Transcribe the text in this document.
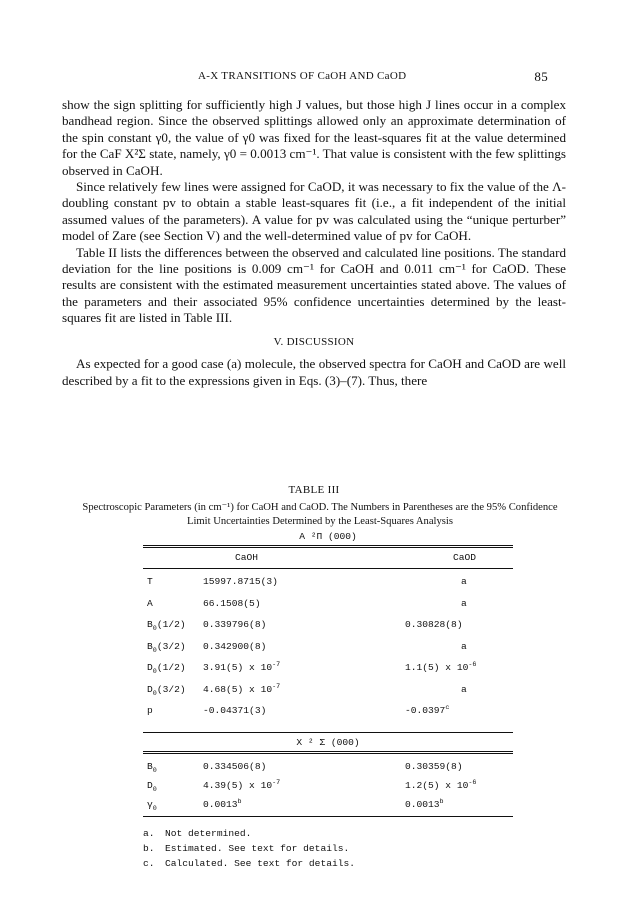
A-X TRANSITIONS OF CaOH AND CaOD	85

show the sign splitting for sufficiently high J values, but those high J lines occur in a complex bandhead region. Since the observed splittings allowed only an approximate determination of the spin constant γ0, the value of γ0 was fixed for the least-squares fit at the value determined for the CaF X²Σ state, namely, γ0 = 0.0013 cm⁻¹. That value is consistent with the few splittings observed in CaOH.

Since relatively few lines were assigned for CaOD, it was necessary to fix the value of the Λ-doubling constant pv to obtain a stable least-squares fit (i.e., a fit independent of the initial assumed values of the parameters). A value for pv was calculated using the “unique perturber” model of Zare (see Section V) and the well-determined value of pv for CaOH.

Table II lists the differences between the observed and calculated line positions. The standard deviation for the line positions is 0.009 cm⁻¹ for CaOH and 0.011 cm⁻¹ for CaOD. These results are consistent with the estimated measurement uncertainties stated above. The values of the parameters and their associated 95% confidence uncertainties determined by the least-squares fit are listed in Table III.

V. DISCUSSION

As expected for a good case (a) molecule, the observed spectra for CaOH and CaOD are well described by a fit to the expressions given in Eqs. (3)–(7). Thus, there

TABLE III
Spectroscopic Parameters (in cm⁻¹) for CaOH and CaOD. The Numbers in Parentheses are the 95% Confidence Limit Uncertainties Determined by the Least-Squares Analysis
A ²Π (000)
CaOH	CaOD
T	15997.8715(3)	a
A	66.1508(5)	a
$B_0(1/2)$ 0.339796(8)	0.30828(8)
$B_0(3/2)$ 0.342900(8)	a
$D_0(1/2)$ 3.91(5) x $10^{-7}$	1.1(5) x $10^{-6}$
$D_0(3/2)$ 4.68(5) x $10^{-7}$	a
p	-0.04371(3)	-0.0397$^c$
X ² Σ (000)
$B_0$	0.334506(8)	0.30359(8)
$D_0$	4.39(5) x $10^{-7}$	1.2(5) x $10^{-6}$
$\gamma_0$	0.0013$^b$	0.0013$^b$
a. Not determined.
b. Estimated. See text for details.
c. Calculated. See text for details.
